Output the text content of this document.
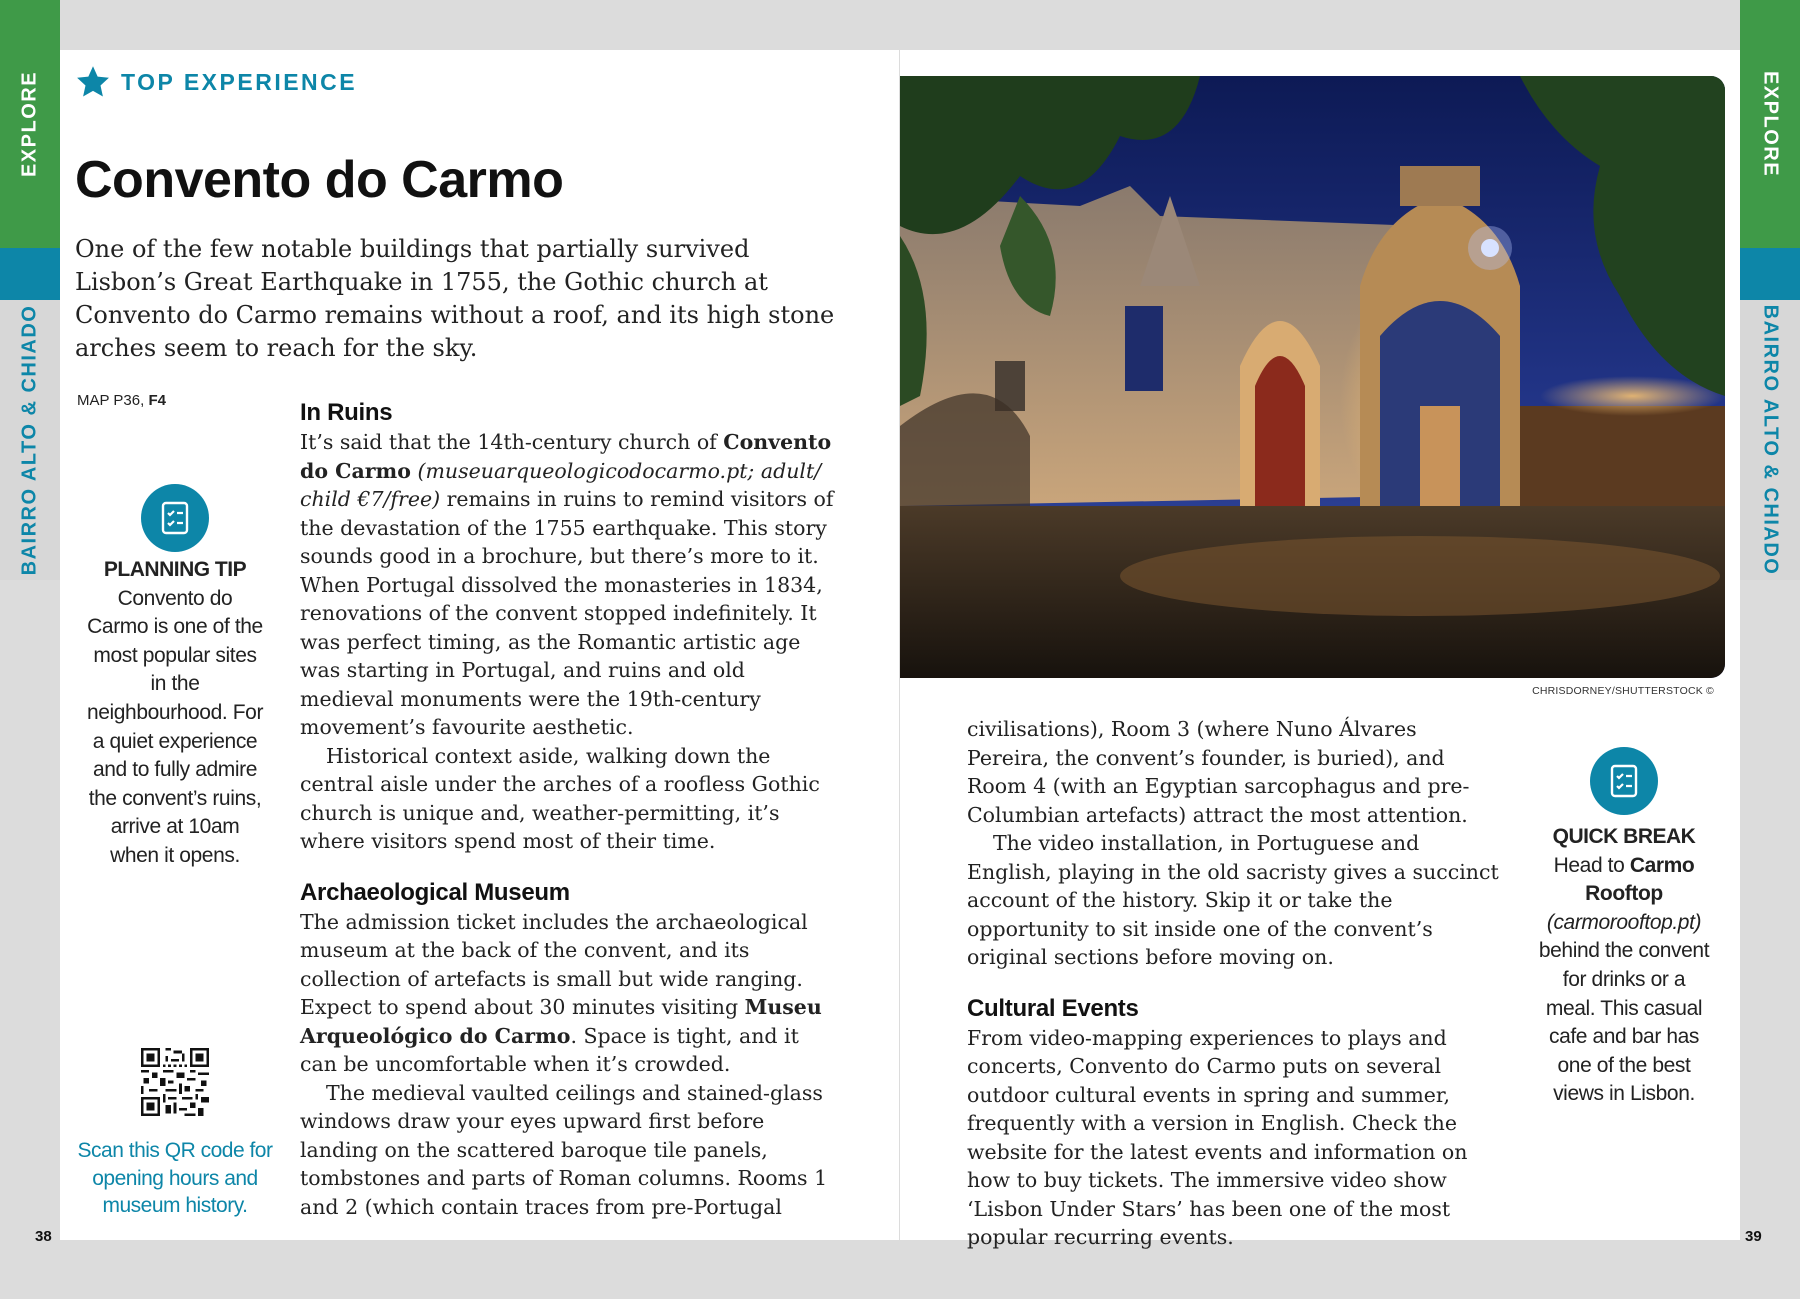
EXPLORE
BAIRRO ALTO & CHIADO
EXPLORE
BAIRRO ALTO & CHIADO
TOP EXPERIENCE
Convento do Carmo
One of the few notable buildings that partially survived Lisbon’s Great Earthquake in 1755, the Gothic church at Convento do Carmo remains without a roof, and its high stone arches seem to reach for the sky.
MAP P36, F4
PLANNING TIP
Convento do Carmo is one of the most popular sites in the neighbourhood. For a quiet experience and to fully admire the convent’s ruins, arrive at 10am when it opens.
Scan this QR code for opening hours and museum history.
In Ruins

It’s said that the 14th-century church of Convento do Carmo (museuarqueologicodocarmo.pt; adult/ child €7/free) remains in ruins to remind visitors of the devastation of the 1755 earthquake. This story sounds good in a brochure, but there’s more to it. When Portugal dissolved the monasteries in 1834, renovations of the convent stopped indefinitely. It was perfect timing, as the Romantic artistic age was starting in Portugal, and ruins and old medieval monuments were the 19th-century movement’s favourite aesthetic.

Historical context aside, walking down the central aisle under the arches of a roofless Gothic church is unique and, weather-permitting, it’s where visitors spend most of their time.

Archaeological Museum

The admission ticket includes the archaeological museum at the back of the convent, and its collection of artefacts is small but wide ranging. Expect to spend about 30 minutes visiting Museu Arqueológico do Carmo. Space is tight, and it can be uncomfortable when it’s crowded.

The medieval vaulted ceilings and stained-glass windows draw your eyes upward first before landing on the scattered baroque tile panels, tombstones and parts of Roman columns. Rooms 1 and 2 (which contain traces from pre-Portugal

CHRISDORNEY/SHUTTERSTOCK ©

civilisations), Room 3 (where Nuno Álvares Pereira, the convent’s founder, is buried), and Room 4 (with an Egyptian sarcophagus and pre-Columbian artefacts) attract the most attention.

The video installation, in Portuguese and English, playing in the old sacristy gives a succinct account of the history. Skip it or take the opportunity to sit inside one of the convent’s original sections before moving on.

Cultural Events

From video-mapping experiences to plays and concerts, Convento do Carmo puts on several outdoor cultural events in spring and summer, frequently with a version in English. Check the website for the latest events and information on how to buy tickets. The immersive video show ‘Lisbon Under Stars’ has been one of the most popular recurring events.

QUICK BREAK
Head to Carmo Rooftop (carmorooftop.pt) behind the convent for drinks or a meal. This casual cafe and bar has one of the best views in Lisbon.
38	39
